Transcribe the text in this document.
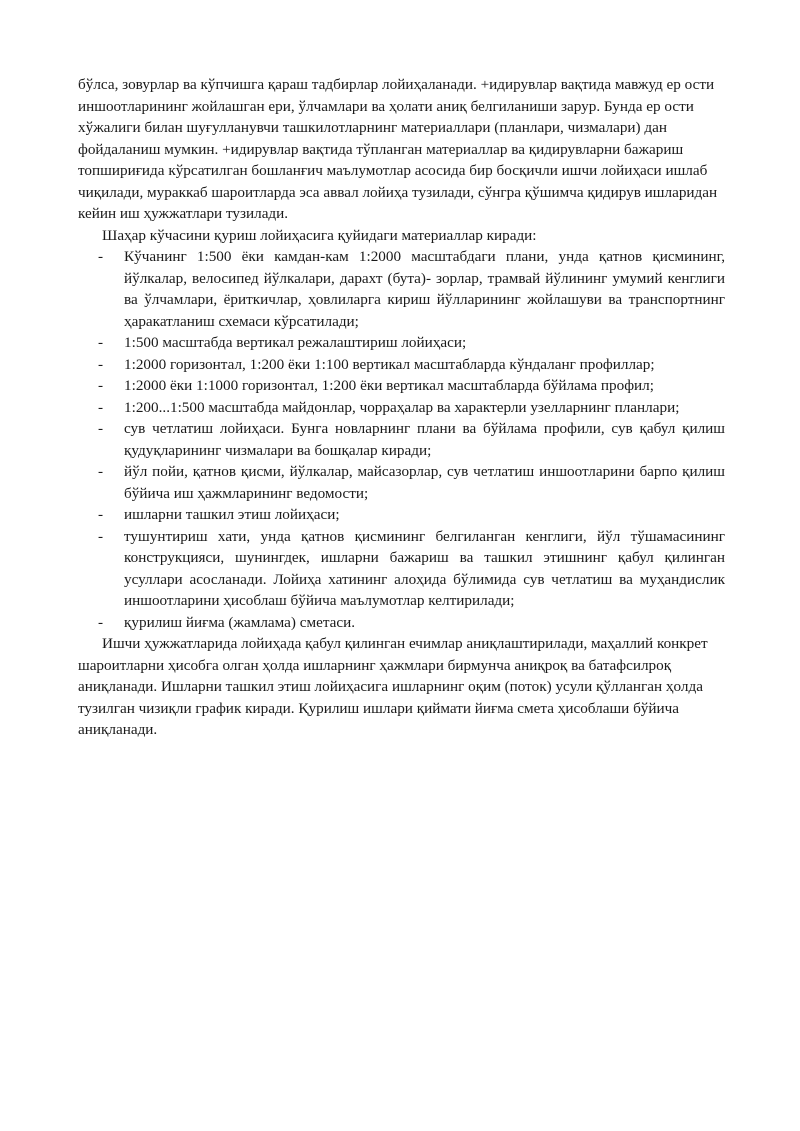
бўлса, зовурлар ва кўпчишга қараш тадбирлар лойиҳаланади. +идирувлар вақтида мавжуд ер ости иншоотларининг жойлашган ери, ўлчамлари ва ҳолати аниқ белгиланиши зарур. Бунда ер ости хўжалиги билан шуғулланувчи ташкилотларнинг материаллари (планлари, чизмалари) дан фойдаланиш мумкин. +идирувлар вақтида тўпланган материаллар ва қидирувларни бажариш топшириғида кўрсатилган бошланғич маълумотлар асосида бир босқичли ишчи лойиҳаси ишлаб чиқилади, мураккаб шароитларда эса аввал лойиҳа тузилади, сўнгра қўшимча қидирув ишларидан кейин иш ҳужжатлари тузилади.

Шаҳар кўчасини қуриш лойиҳасига қуйидаги материаллар киради:

- Кўчанинг 1:500 ёки камдан-кам 1:2000 масштабдаги плани, унда қатнов қисмининг, йўлкалар, велосипед йўлкалари, дарахт (бута)- зорлар, трамвай йўлининг умумий кенглиги ва ўлчамлари, ёриткичлар, ҳовлиларга кириш йўлларининг жойлашуви ва транспортнинг ҳаракатланиш схемаси кўрсатилади;
- 1:500 масштабда вертикал режалаштириш лойиҳаси;
- 1:2000 горизонтал, 1:200 ёки 1:100 вертикал масштабларда кўндаланг профиллар;
- 1:2000 ёки 1:1000 горизонтал, 1:200 ёки вертикал масштабларда бўйлама профил;
- 1:200...1:500 масштабда майдонлар, чорраҳалар ва характерли узелларнинг планлари;
- сув четлатиш лойиҳаси. Бунга новларнинг плани ва бўйлама профили, сув қабул қилиш қудуқларининг чизмалари ва бошқалар киради;
- йўл пойи, қатнов қисми, йўлкалар, майсазорлар, сув четлатиш иншоотларини барпо қилиш бўйича иш ҳажмларининг ведомости;
- ишларни ташкил этиш лойиҳаси;
- тушунтириш хати, унда қатнов қисмининг белгиланган кенглиги, йўл тўшамасининг конструкцияси, шунингдек, ишларни бажариш ва ташкил этишнинг қабул қилинган усуллари асосланади. Лойиҳа хатининг алоҳида бўлимида сув четлатиш ва муҳандислик иншоотларини ҳисоблаш бўйича маълумотлар келтирилади;
- қурилиш йиғма (жамлама) сметаси.

Ишчи ҳужжатларида лойиҳада қабул қилинган ечимлар аниқлаштирилади, маҳаллий конкрет шароитларни ҳисобга олган ҳолда ишларнинг ҳажмлари бирмунча аниқроқ ва батафсилроқ аниқланади. Ишларни ташкил этиш лойиҳасига ишларнинг оқим (поток) усули қўлланган ҳолда тузилган чизиқли график киради. Қурилиш ишлари қиймати йиғма смета ҳисоблаши бўйича аниқланади.
